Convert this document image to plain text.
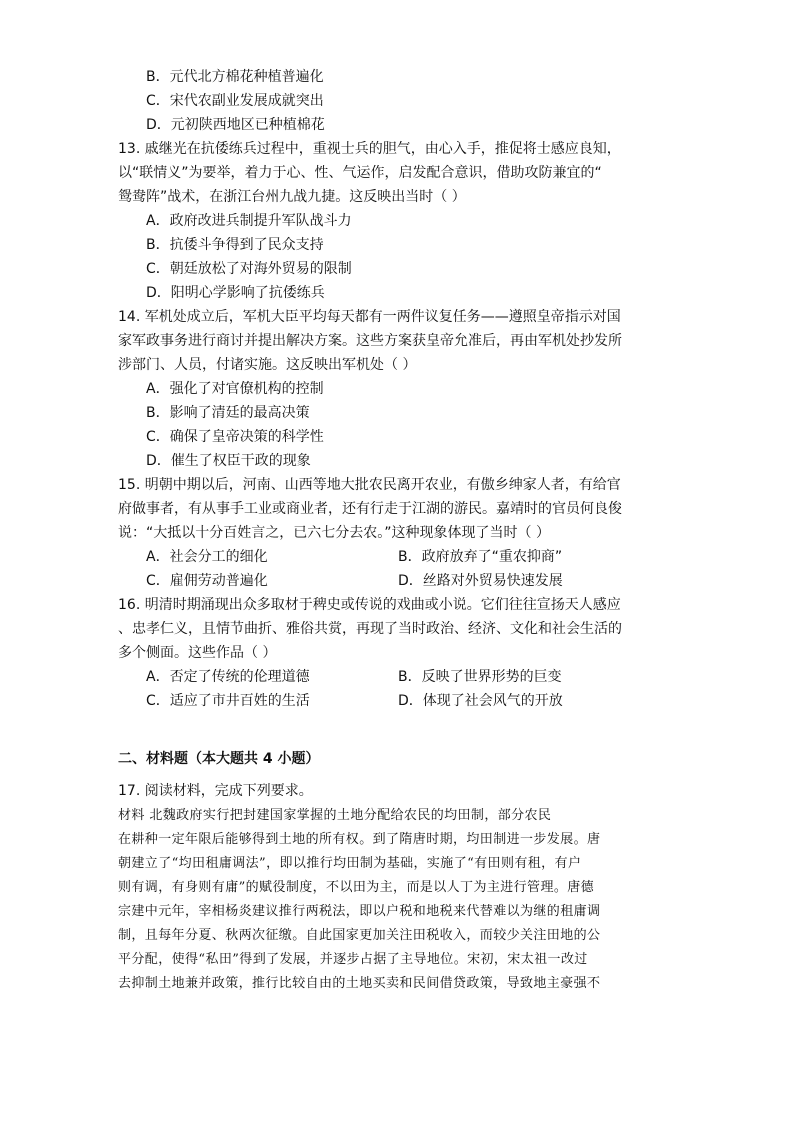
B．元代北方棉花种植普遍化
C．宋代农副业发展成就突出
D．元初陕西地区已种植棉花
13. 戚继光在抗倭练兵过程中，重视士兵的胆气，由心入手，推促将士感应良知，
以“联情义”为要举，着力于心、性、气运作，启发配合意识，借助攻防兼宜的“
鸳鸯阵”战术，在浙江台州九战九捷。这反映出当时（ ）
A．政府改进兵制提升军队战斗力
B．抗倭斗争得到了民众支持
C．朝廷放松了对海外贸易的限制
D．阳明心学影响了抗倭练兵
14. 军机处成立后，军机大臣平均每天都有一两件议复任务——遵照皇帝指示对国
家军政事务进行商讨并提出解决方案。这些方案获皇帝允准后，再由军机处抄发所
涉部门、人员，付诸实施。这反映出军机处（ ）
A．强化了对官僚机构的控制
B．影响了清廷的最高决策
C．确保了皇帝决策的科学性
D．催生了权臣干政的现象
15. 明朝中期以后，河南、山西等地大批农民离开农业，有傲乡绅家人者，有给官
府做事者，有从事手工业或商业者，还有行走于江湖的游民。嘉靖时的官员何良俊
说：“大抵以十分百姓言之，已六七分去农。”这种现象体现了当时（ ）
A．社会分工的细化	B．政府放弃了“重农抑商”
C．雇佣劳动普遍化	D．丝路对外贸易快速发展
16. 明清时期涌现出众多取材于稗史或传说的戏曲或小说。它们往往宣扬天人感应
、忠孝仁义，且情节曲折、雅俗共赏，再现了当时政治、经济、文化和社会生活的
多个侧面。这些作品（ ）
A．否定了传统的伦理道德	B．反映了世界形势的巨变
C．适应了市井百姓的生活	D．体现了社会风气的开放
二、材料题（本大题共 4 小题）
17. 阅读材料，完成下列要求。
材料 北魏政府实行把封建国家掌握的土地分配给农民的均田制，部分农民
在耕种一定年限后能够得到土地的所有权。到了隋唐时期，均田制进一步发展。唐
朝建立了“均田租庸调法”，即以推行均田制为基础，实施了“有田则有租，有户
则有调，有身则有庸”的赋役制度，不以田为主，而是以人丁为主进行管理。唐德
宗建中元年，宰相杨炎建议推行两税法，即以户税和地税来代替难以为继的租庸调
制，且每年分夏、秋两次征缴。自此国家更加关注田税收入，而较少关注田地的公
平分配，使得“私田”得到了发展，并逐步占据了主导地位。宋初，宋太祖一改过
去抑制土地兼并政策，推行比较自由的土地买卖和民间借贷政策，导致地主豪强不
